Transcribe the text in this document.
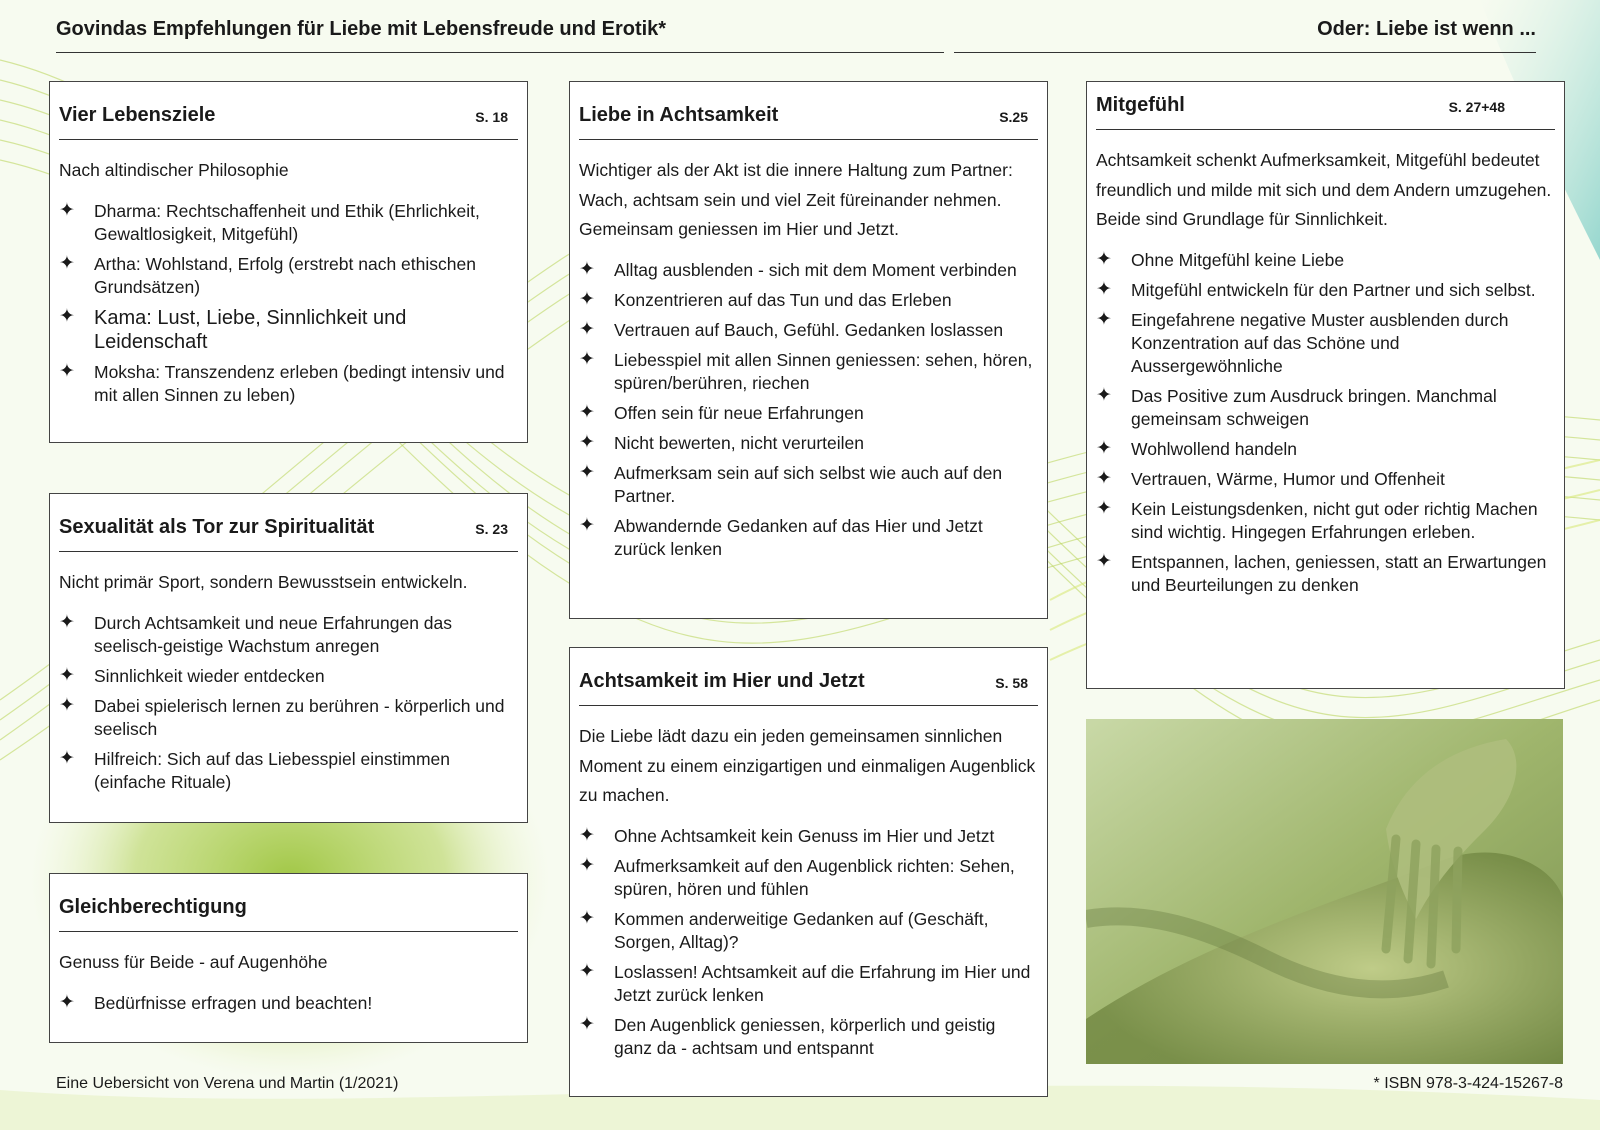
Govindas Empfehlungen für Liebe mit Lebensfreude und Erotik*	Oder: Liebe ist wenn ...
Vier Lebensziele	S. 18
Nach altindischer Philosophie
✦ Dharma: Rechtschaffenheit und Ethik (Ehrlichkeit, Gewaltlosigkeit, Mitgefühl)
✦ Artha: Wohlstand, Erfolg (erstrebt nach ethischen Grundsätzen)
✦ Kama: Lust, Liebe, Sinnlichkeit und Leidenschaft
✦ Moksha: Transzendenz erleben (bedingt intensiv und mit allen Sinnen zu leben)
Sexualität als Tor zur Spiritualität	S. 23
Nicht primär Sport, sondern Bewusstsein entwickeln.
✦ Durch Achtsamkeit und neue Erfahrungen das seelisch-geistige Wachstum anregen
✦ Sinnlichkeit wieder entdecken
✦ Dabei spielerisch lernen zu berühren - körperlich und seelisch
✦ Hilfreich: Sich auf das Liebesspiel einstimmen (einfache Rituale)
Gleichberechtigung
Genuss für Beide - auf Augenhöhe
✦ Bedürfnisse erfragen und beachten!
Liebe in Achtsamkeit	S.25
Wichtiger als der Akt ist die innere Haltung zum Partner: Wach, achtsam sein und viel Zeit füreinander nehmen. Gemeinsam geniessen im Hier und Jetzt.
✦ Alltag ausblenden - sich mit dem Moment verbinden
✦ Konzentrieren auf das Tun und das Erleben
✦ Vertrauen auf Bauch, Gefühl. Gedanken loslassen
✦ Liebesspiel mit allen Sinnen geniessen: sehen, hören, spüren/berühren, riechen
✦ Offen sein für neue Erfahrungen
✦ Nicht bewerten, nicht verurteilen
✦ Aufmerksam sein auf sich selbst wie auch auf den Partner.
✦ Abwandernde Gedanken auf das Hier und Jetzt zurück lenken
Achtsamkeit im Hier und Jetzt	S. 58
Die Liebe lädt dazu ein jeden gemeinsamen sinnlichen Moment zu einem einzigartigen und einmaligen Augenblick zu machen.
✦ Ohne Achtsamkeit kein Genuss im Hier und Jetzt
✦ Aufmerksamkeit auf den Augenblick richten: Sehen, spüren, hören und fühlen
✦ Kommen anderweitige Gedanken auf (Geschäft, Sorgen, Alltag)?
✦ Loslassen! Achtsamkeit auf die Erfahrung im Hier und Jetzt zurück lenken
✦ Den Augenblick geniessen, körperlich und geistig ganz da - achtsam und entspannt
Mitgefühl	S. 27+48
Achtsamkeit schenkt Aufmerksamkeit, Mitgefühl bedeutet freundlich und milde mit sich und dem Andern umzugehen. Beide sind Grundlage für Sinnlichkeit.
✦ Ohne Mitgefühl keine Liebe
✦ Mitgefühl entwickeln für den Partner und sich selbst.
✦ Eingefahrene negative Muster ausblenden durch Konzentration auf das Schöne und Aussergewöhnliche
✦ Das Positive zum Ausdruck bringen. Manchmal gemeinsam schweigen
✦ Wohlwollend handeln
✦ Vertrauen, Wärme, Humor und Offenheit
✦ Kein Leistungsdenken, nicht gut oder richtig Machen sind wichtig. Hingegen Erfahrungen erleben.
✦ Entspannen, lachen, geniessen, statt an Erwartungen und Beurteilungen zu denken
Eine Uebersicht von Verena und Martin (1/2021)	* ISBN 978-3-424-15267-8
